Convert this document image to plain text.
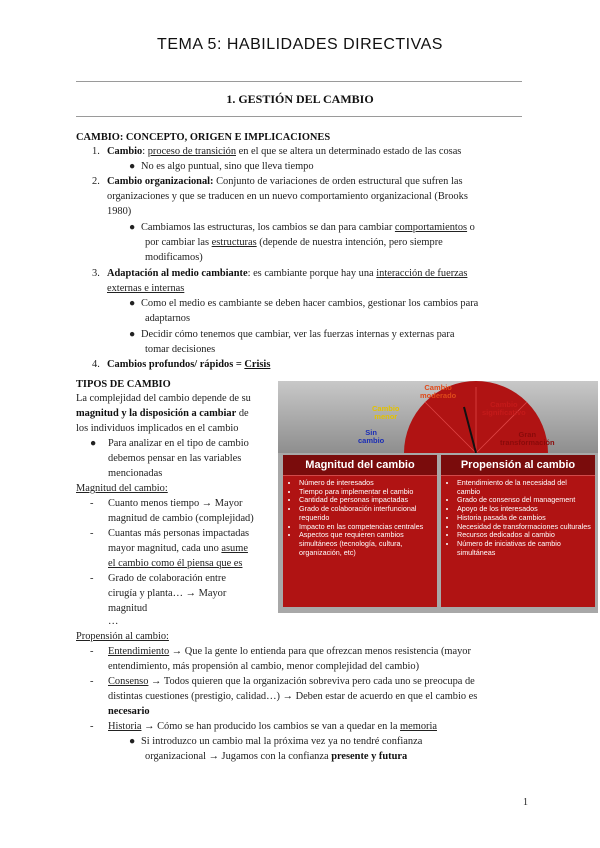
TEMA 5: HABILIDADES DIRECTIVAS
1. GESTIÓN DEL CAMBIO
CAMBIO: CONCEPTO, ORIGEN E IMPLICACIONES
1. Cambio: proceso de transición en el que se altera un determinado estado de las cosas
● No es algo puntual, sino que lleva tiempo
2. Cambio organizacional: Conjunto de variaciones de orden estructural que sufren las
organizaciones y que se traducen en un nuevo comportamiento organizacional (Brooks
1980)
● Cambiamos las estructuras, los cambios se dan para cambiar comportamientos o
por cambiar las estructuras (depende de nuestra intención, pero siempre
modificamos)
3. Adaptación al medio cambiante: es cambiante porque hay una interacción de fuerzas
externas e internas
● Como el medio es cambiante se deben hacer cambios, gestionar los cambios para
adaptarnos
● Decidir cómo tenemos que cambiar, ver las fuerzas internas y externas para
tomar decisiones
4. Cambios profundos/ rápidos = Crisis
TIPOS DE CAMBIO
La complejidad del cambio depende de su
magnitud y la disposición a cambiar de
los individuos implicados en el cambio
● Para analizar en el tipo de cambio
debemos pensar en las variables
mencionadas
Magnitud del cambio:
- Cuanto menos tiempo → Mayor
magnitud de cambio (complejidad)
- Cuantas más personas impactadas
mayor magnitud, cada uno asume
el cambio como él piensa que es
- Grado de colaboración entre
cirugía y planta… → Mayor
magnitud
…
Sin
cambio
Cambio
menor
Cambio
moderado
Cambio
significativo
Gran
transformación
Magnitud del cambio
• Número de interesados
• Tiempo para implementar el cambio
• Cantidad de personas impactadas
• Grado de colaboración interfuncional requerido
• Impacto en las competencias centrales
• Aspectos que requieren cambios simultáneos (tecnología, cultura, organización, etc)
Propensión al cambio
• Entendimiento de la necesidad del cambio
• Grado de consenso del management
• Apoyo de los interesados
• Historia pasada de cambios
• Necesidad de transformaciones culturales
• Recursos dedicados al cambio
• Número de iniciativas de cambio simultáneas
Propensión al cambio:
- Entendimiento → Que la gente lo entienda para que ofrezcan menos resistencia (mayor
entendimiento, más propensión al cambio, menor complejidad del cambio)
- Consenso → Todos quieren que la organización sobreviva pero cada uno se preocupa de
distintas cuestiones (prestigio, calidad…) → Deben estar de acuerdo en que el cambio es
necesario
- Historia → Cómo se han producido los cambios se van a quedar en la memoria
● Si introduzco un cambio mal la próxima vez ya no tendré confianza
organizacional → Jugamos con la confianza presente y futura
1
